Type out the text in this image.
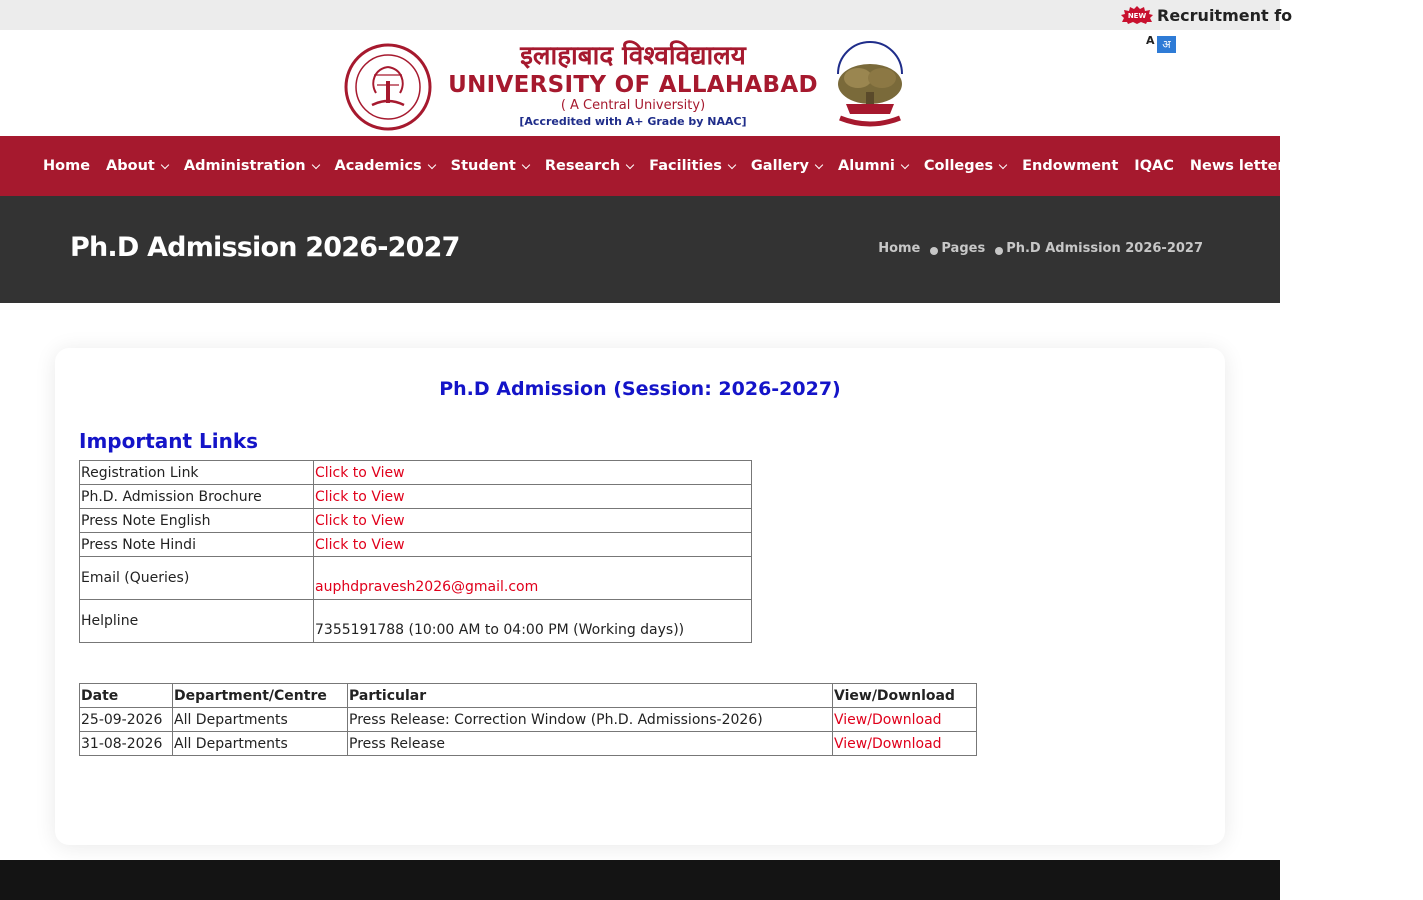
NEW Recruitment fo
इलाहाबाद विश्वविद्यालय
UNIVERSITY OF ALLAHABAD
( A Central University)
[Accredited with A+ Grade by NAAC]
A अ
Home About Administration Academics Student Research Facilities Gallery Alumni Colleges Endowment IQAC News letter Convocation
Ph.D Admission 2026-2027	Home Pages Ph.D Admission 2026-2027
Ph.D Admission (Session: 2026-2027)
Important Links
Registration Link	Click to View
Ph.D. Admission Brochure	Click to View
Press Note English	Click to View
Press Note Hindi	Click to View
Email (Queries)	auphdpravesh2026@gmail.com
Helpline	7355191788 (10:00 AM to 04:00 PM (Working days))
Date	Department/Centre	Particular	View/Download
25-09-2026	All Departments	Press Release: Correction Window (Ph.D. Admissions-2026)	View/Download
31-08-2026	All Departments	Press Release	View/Download
